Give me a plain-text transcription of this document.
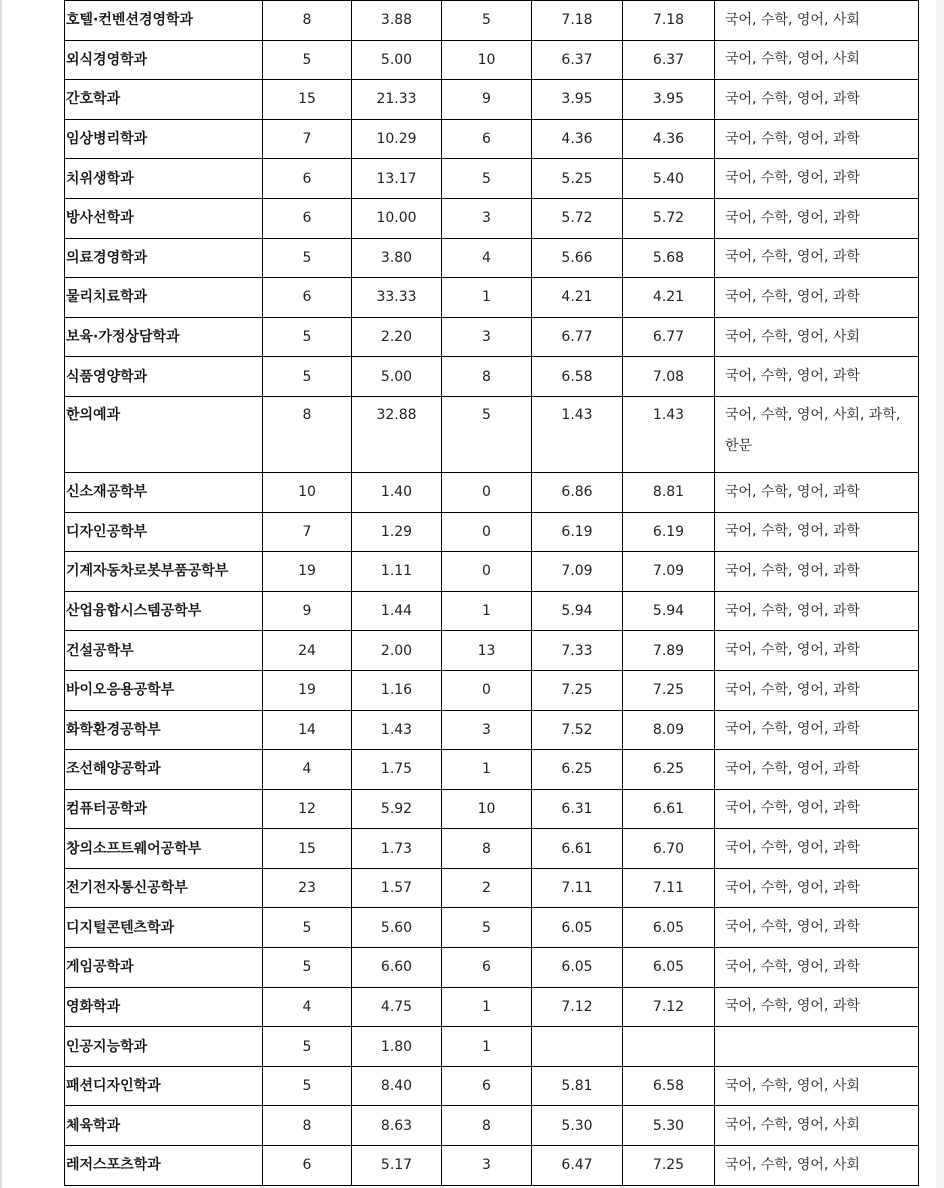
호텔·컨벤션경영학과	8	3.88	5	7.18	7.18	국어, 수학, 영어, 사회
외식경영학과	5	5.00	10	6.37	6.37	국어, 수학, 영어, 사회
간호학과	15	21.33	9	3.95	3.95	국어, 수학, 영어, 과학
임상병리학과	7	10.29	6	4.36	4.36	국어, 수학, 영어, 과학
치위생학과	6	13.17	5	5.25	5.40	국어, 수학, 영어, 과학
방사선학과	6	10.00	3	5.72	5.72	국어, 수학, 영어, 과학
의료경영학과	5	3.80	4	5.66	5.68	국어, 수학, 영어, 과학
물리치료학과	6	33.33	1	4.21	4.21	국어, 수학, 영어, 과학
보육·가정상담학과	5	2.20	3	6.77	6.77	국어, 수학, 영어, 사회
식품영양학과	5	5.00	8	6.58	7.08	국어, 수학, 영어, 과학
한의예과	8	32.88	5	1.43	1.43	국어, 수학, 영어, 사회, 과학, 한문
신소재공학부	10	1.40	0	6.86	8.81	국어, 수학, 영어, 과학
디자인공학부	7	1.29	0	6.19	6.19	국어, 수학, 영어, 과학
기계자동차로봇부품공학부	19	1.11	0	7.09	7.09	국어, 수학, 영어, 과학
산업융합시스템공학부	9	1.44	1	5.94	5.94	국어, 수학, 영어, 과학
건설공학부	24	2.00	13	7.33	7.89	국어, 수학, 영어, 과학
바이오응용공학부	19	1.16	0	7.25	7.25	국어, 수학, 영어, 과학
화학환경공학부	14	1.43	3	7.52	8.09	국어, 수학, 영어, 과학
조선해양공학과	4	1.75	1	6.25	6.25	국어, 수학, 영어, 과학
컴퓨터공학과	12	5.92	10	6.31	6.61	국어, 수학, 영어, 과학
창의소프트웨어공학부	15	1.73	8	6.61	6.70	국어, 수학, 영어, 과학
전기전자통신공학부	23	1.57	2	7.11	7.11	국어, 수학, 영어, 과학
디지털콘텐츠학과	5	5.60	5	6.05	6.05	국어, 수학, 영어, 과학
게임공학과	5	6.60	6	6.05	6.05	국어, 수학, 영어, 과학
영화학과	4	4.75	1	7.12	7.12	국어, 수학, 영어, 과학
인공지능학과	5	1.80	1			
패션디자인학과	5	8.40	6	5.81	6.58	국어, 수학, 영어, 사회
체육학과	8	8.63	8	5.30	5.30	국어, 수학, 영어, 사회
레저스포츠학과	6	5.17	3	6.47	7.25	국어, 수학, 영어, 사회
